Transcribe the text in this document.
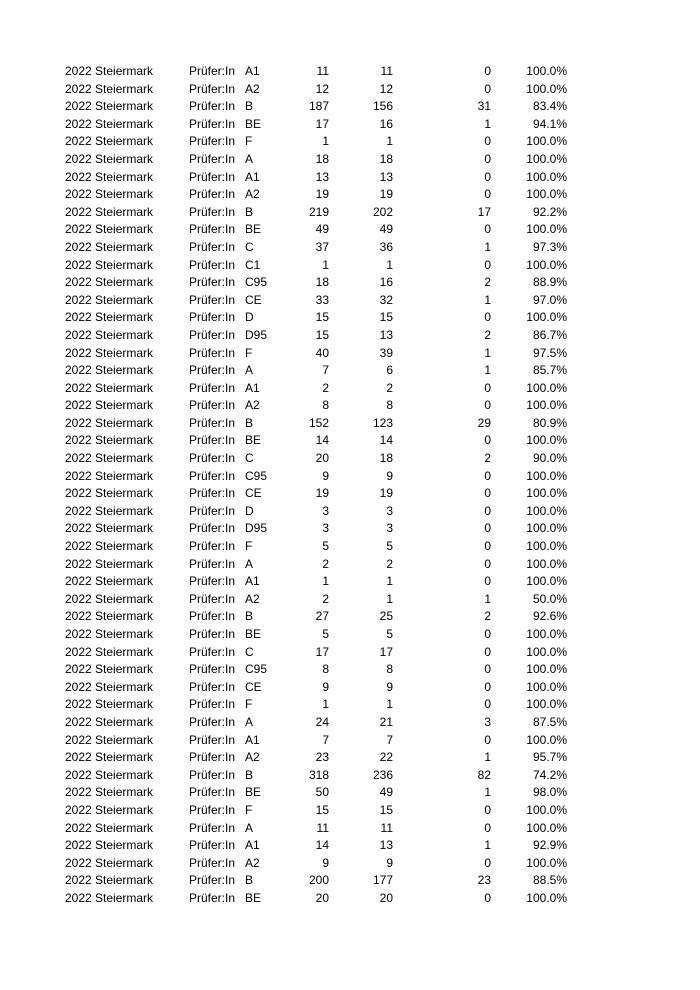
2022 Steiermark	Prüfer:In A1	11	11	0	100.0%
2022 Steiermark	Prüfer:In A2	12	12	0	100.0%
2022 Steiermark	Prüfer:In B	187	156	31	83.4%
2022 Steiermark	Prüfer:In BE	17	16	1	94.1%
2022 Steiermark	Prüfer:In F	1	1	0	100.0%
2022 Steiermark	Prüfer:In A	18	18	0	100.0%
2022 Steiermark	Prüfer:In A1	13	13	0	100.0%
2022 Steiermark	Prüfer:In A2	19	19	0	100.0%
2022 Steiermark	Prüfer:In B	219	202	17	92.2%
2022 Steiermark	Prüfer:In BE	49	49	0	100.0%
2022 Steiermark	Prüfer:In C	37	36	1	97.3%
2022 Steiermark	Prüfer:In C1	1	1	0	100.0%
2022 Steiermark	Prüfer:In C95	18	16	2	88.9%
2022 Steiermark	Prüfer:In CE	33	32	1	97.0%
2022 Steiermark	Prüfer:In D	15	15	0	100.0%
2022 Steiermark	Prüfer:In D95	15	13	2	86.7%
2022 Steiermark	Prüfer:In F	40	39	1	97.5%
2022 Steiermark	Prüfer:In A	7	6	1	85.7%
2022 Steiermark	Prüfer:In A1	2	2	0	100.0%
2022 Steiermark	Prüfer:In A2	8	8	0	100.0%
2022 Steiermark	Prüfer:In B	152	123	29	80.9%
2022 Steiermark	Prüfer:In BE	14	14	0	100.0%
2022 Steiermark	Prüfer:In C	20	18	2	90.0%
2022 Steiermark	Prüfer:In C95	9	9	0	100.0%
2022 Steiermark	Prüfer:In CE	19	19	0	100.0%
2022 Steiermark	Prüfer:In D	3	3	0	100.0%
2022 Steiermark	Prüfer:In D95	3	3	0	100.0%
2022 Steiermark	Prüfer:In F	5	5	0	100.0%
2022 Steiermark	Prüfer:In A	2	2	0	100.0%
2022 Steiermark	Prüfer:In A1	1	1	0	100.0%
2022 Steiermark	Prüfer:In A2	2	1	1	50.0%
2022 Steiermark	Prüfer:In B	27	25	2	92.6%
2022 Steiermark	Prüfer:In BE	5	5	0	100.0%
2022 Steiermark	Prüfer:In C	17	17	0	100.0%
2022 Steiermark	Prüfer:In C95	8	8	0	100.0%
2022 Steiermark	Prüfer:In CE	9	9	0	100.0%
2022 Steiermark	Prüfer:In F	1	1	0	100.0%
2022 Steiermark	Prüfer:In A	24	21	3	87.5%
2022 Steiermark	Prüfer:In A1	7	7	0	100.0%
2022 Steiermark	Prüfer:In A2	23	22	1	95.7%
2022 Steiermark	Prüfer:In B	318	236	82	74.2%
2022 Steiermark	Prüfer:In BE	50	49	1	98.0%
2022 Steiermark	Prüfer:In F	15	15	0	100.0%
2022 Steiermark	Prüfer:In A	11	11	0	100.0%
2022 Steiermark	Prüfer:In A1	14	13	1	92.9%
2022 Steiermark	Prüfer:In A2	9	9	0	100.0%
2022 Steiermark	Prüfer:In B	200	177	23	88.5%
2022 Steiermark	Prüfer:In BE	20	20	0	100.0%
